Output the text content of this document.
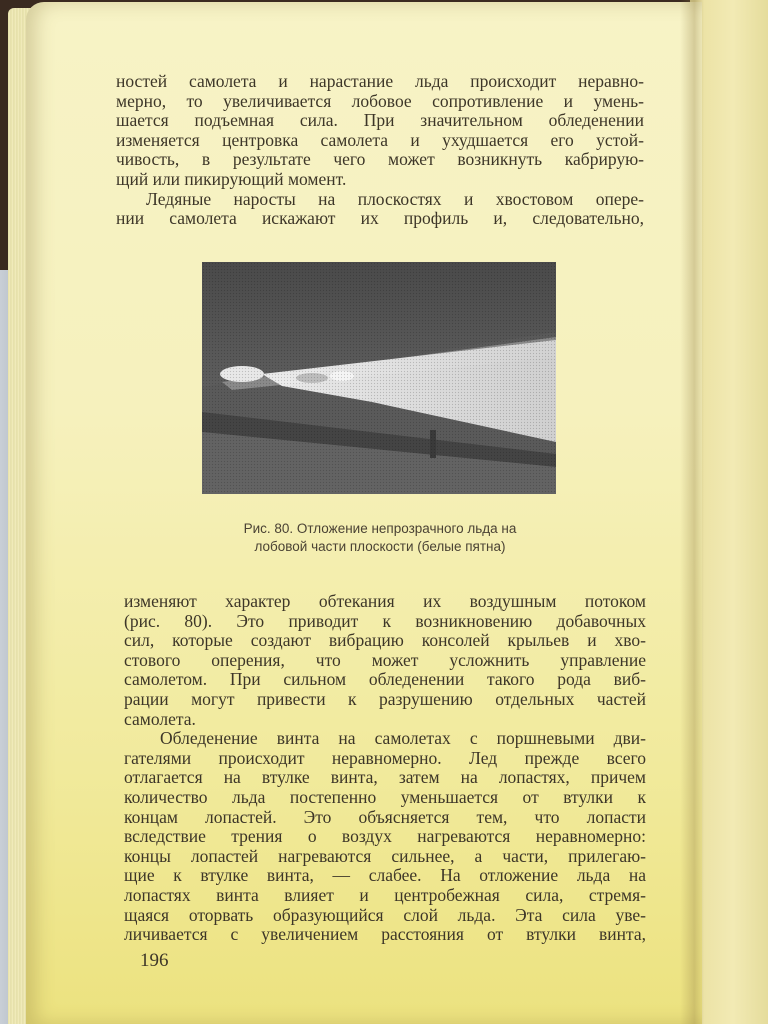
ностей самолета и нарастание льда происходит неравно-
мерно, то увеличивается лобовое сопротивление и умень-
шается подъемная сила. При значительном обледенении
изменяется центровка самолета и ухудшается его устой-
чивость, в результате чего может возникнуть кабрирую-
щий или пикирующий момент.
Ледяные наросты на плоскостях и хвостовом опере-
нии самолета искажают их профиль и, следовательно,
Рис. 80. Отложение непрозрачного льда на
лобовой части плоскости (белые пятна)
изменяют характер обтекания их воздушным потоком
(рис. 80). Это приводит к возникновению добавочных
сил, которые создают вибрацию консолей крыльев и хво-
стового оперения, что может усложнить управление
самолетом. При сильном обледенении такого рода виб-
рации могут привести к разрушению отдельных частей
самолета.
Обледенение винта на самолетах с поршневыми дви-
гателями происходит неравномерно. Лед прежде всего
отлагается на втулке винта, затем на лопастях, причем
количество льда постепенно уменьшается от втулки к
концам лопастей. Это объясняется тем, что лопасти
вследствие трения о воздух нагреваются неравномерно:
концы лопастей нагреваются сильнее, а части, прилегаю-
щие к втулке винта, — слабее. На отложение льда на
лопастях винта влияет и центробежная сила, стремя-
щаяся оторвать образующийся слой льда. Эта сила уве-
личивается с увеличением расстояния от втулки винта,
196
